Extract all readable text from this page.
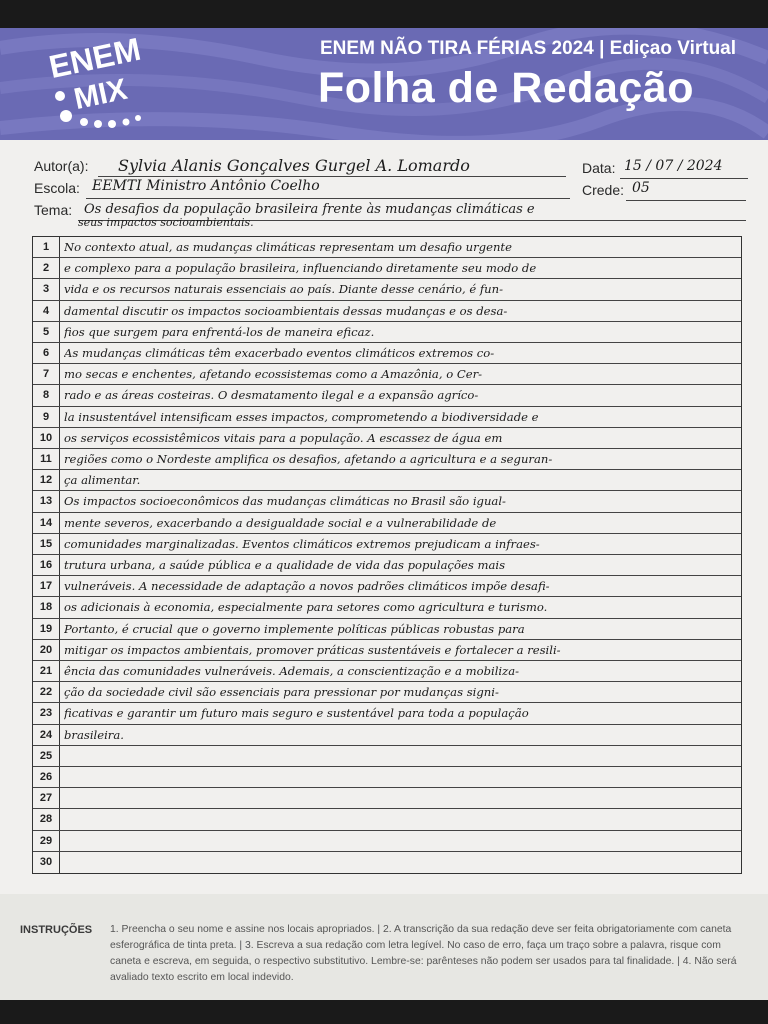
ENEM
MIX
ENEM NÃO TIRA FÉRIAS 2024 | Ediçao Virtual
Folha de Redação
Autor(a): Sylvia Alanis Gonçalves Gurgel A. Lomardo	Data: 15 / 07 / 2024
Escola: EEMTI Ministro Antônio Coelho	Crede: 05
Tema: Os desafios da população brasileira frente às mudanças climáticas e
seus impactos socioambientais.
1	No contexto atual, as mudanças climáticas representam um desafio urgente
2	e complexo para a população brasileira, influenciando diretamente seu modo de
3	vida e os recursos naturais essenciais ao país. Diante desse cenário, é fun-
4	damental discutir os impactos socioambientais dessas mudanças e os desa-
5	fios que surgem para enfrentá-los de maneira eficaz.
6	As mudanças climáticas têm exacerbado eventos climáticos extremos co-
7	mo secas e enchentes, afetando ecossistemas como a Amazônia, o Cer-
8	rado e as áreas costeiras. O desmatamento ilegal e a expansão agríco-
9	la insustentável intensificam esses impactos, comprometendo a biodiversidade e
10	os serviços ecossistêmicos vitais para a população. A escassez de água em
11	regiões como o Nordeste amplifica os desafios, afetando a agricultura e a seguran-
12	ça alimentar.
13	Os impactos socioeconômicos das mudanças climáticas no Brasil são igual-
14	mente severos, exacerbando a desigualdade social e a vulnerabilidade de
15	comunidades marginalizadas. Eventos climáticos extremos prejudicam a infraes-
16	trutura urbana, a saúde pública e a qualidade de vida das populações mais
17	vulneráveis. A necessidade de adaptação a novos padrões climáticos impõe desafi-
18	os adicionais à economia, especialmente para setores como agricultura e turismo.
19	Portanto, é crucial que o governo implemente políticas públicas robustas para
20	mitigar os impactos ambientais, promover práticas sustentáveis e fortalecer a resili-
21	ência das comunidades vulneráveis. Ademais, a conscientização e a mobiliza-
22	ção da sociedade civil são essenciais para pressionar por mudanças signi-
23	ficativas e garantir um futuro mais seguro e sustentável para toda a população
24	brasileira.
25
26
27
28
29
30
INSTRUÇÕES 1. Preencha o seu nome e assine nos locais apropriados. | 2. A transcrição da sua redação deve ser feita obrigatoriamente com caneta esferográfica de tinta preta. | 3. Escreva a sua redação com letra legível. No caso de erro, faça um traço sobre a palavra, risque com caneta e escreva, em seguida, o respectivo substitutivo. Lembre-se: parênteses não podem ser usados para tal finalidade. | 4. Não será avaliado texto escrito em local indevido.
